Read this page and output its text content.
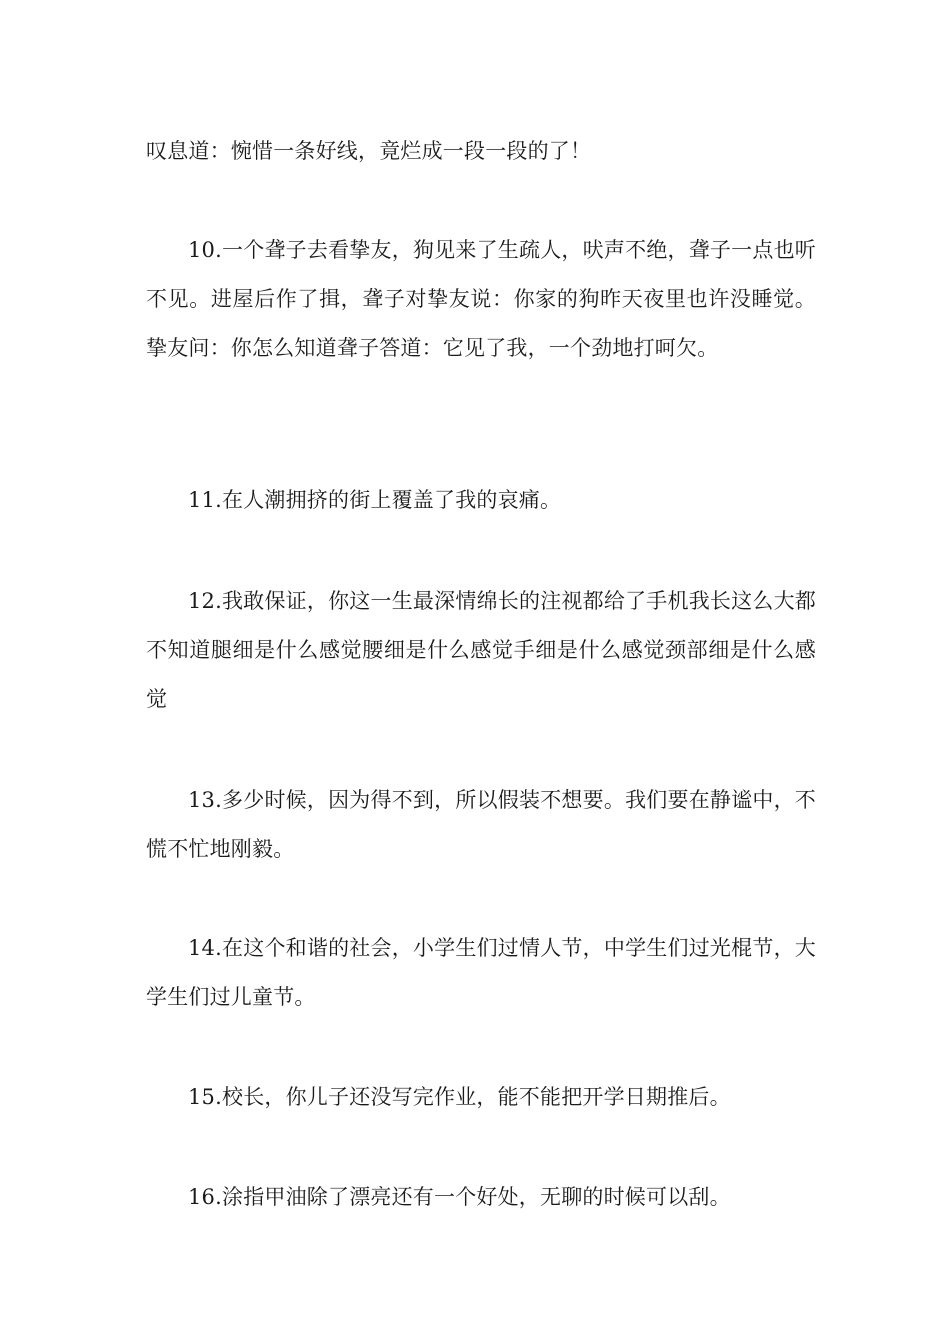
叹息道：惋惜一条好线，竟烂成一段一段的了！

10.一个聋子去看挚友，狗见来了生疏人，吠声不绝，聋子一点也听不见。进屋后作了揖，聋子对挚友说：你家的狗昨天夜里也许没睡觉。挚友问：你怎么知道聋子答道：它见了我，一个劲地打呵欠。

11.在人潮拥挤的街上覆盖了我的哀痛。

12.我敢保证，你这一生最深情绵长的注视都给了手机我长这么大都不知道腿细是什么感觉腰细是什么感觉手细是什么感觉颈部细是什么感觉

13.多少时候，因为得不到，所以假装不想要。我们要在静谧中，不慌不忙地刚毅。

14.在这个和谐的社会，小学生们过情人节，中学生们过光棍节，大学生们过儿童节。

15.校长，你儿子还没写完作业，能不能把开学日期推后。

16.涂指甲油除了漂亮还有一个好处，无聊的时候可以刮。
